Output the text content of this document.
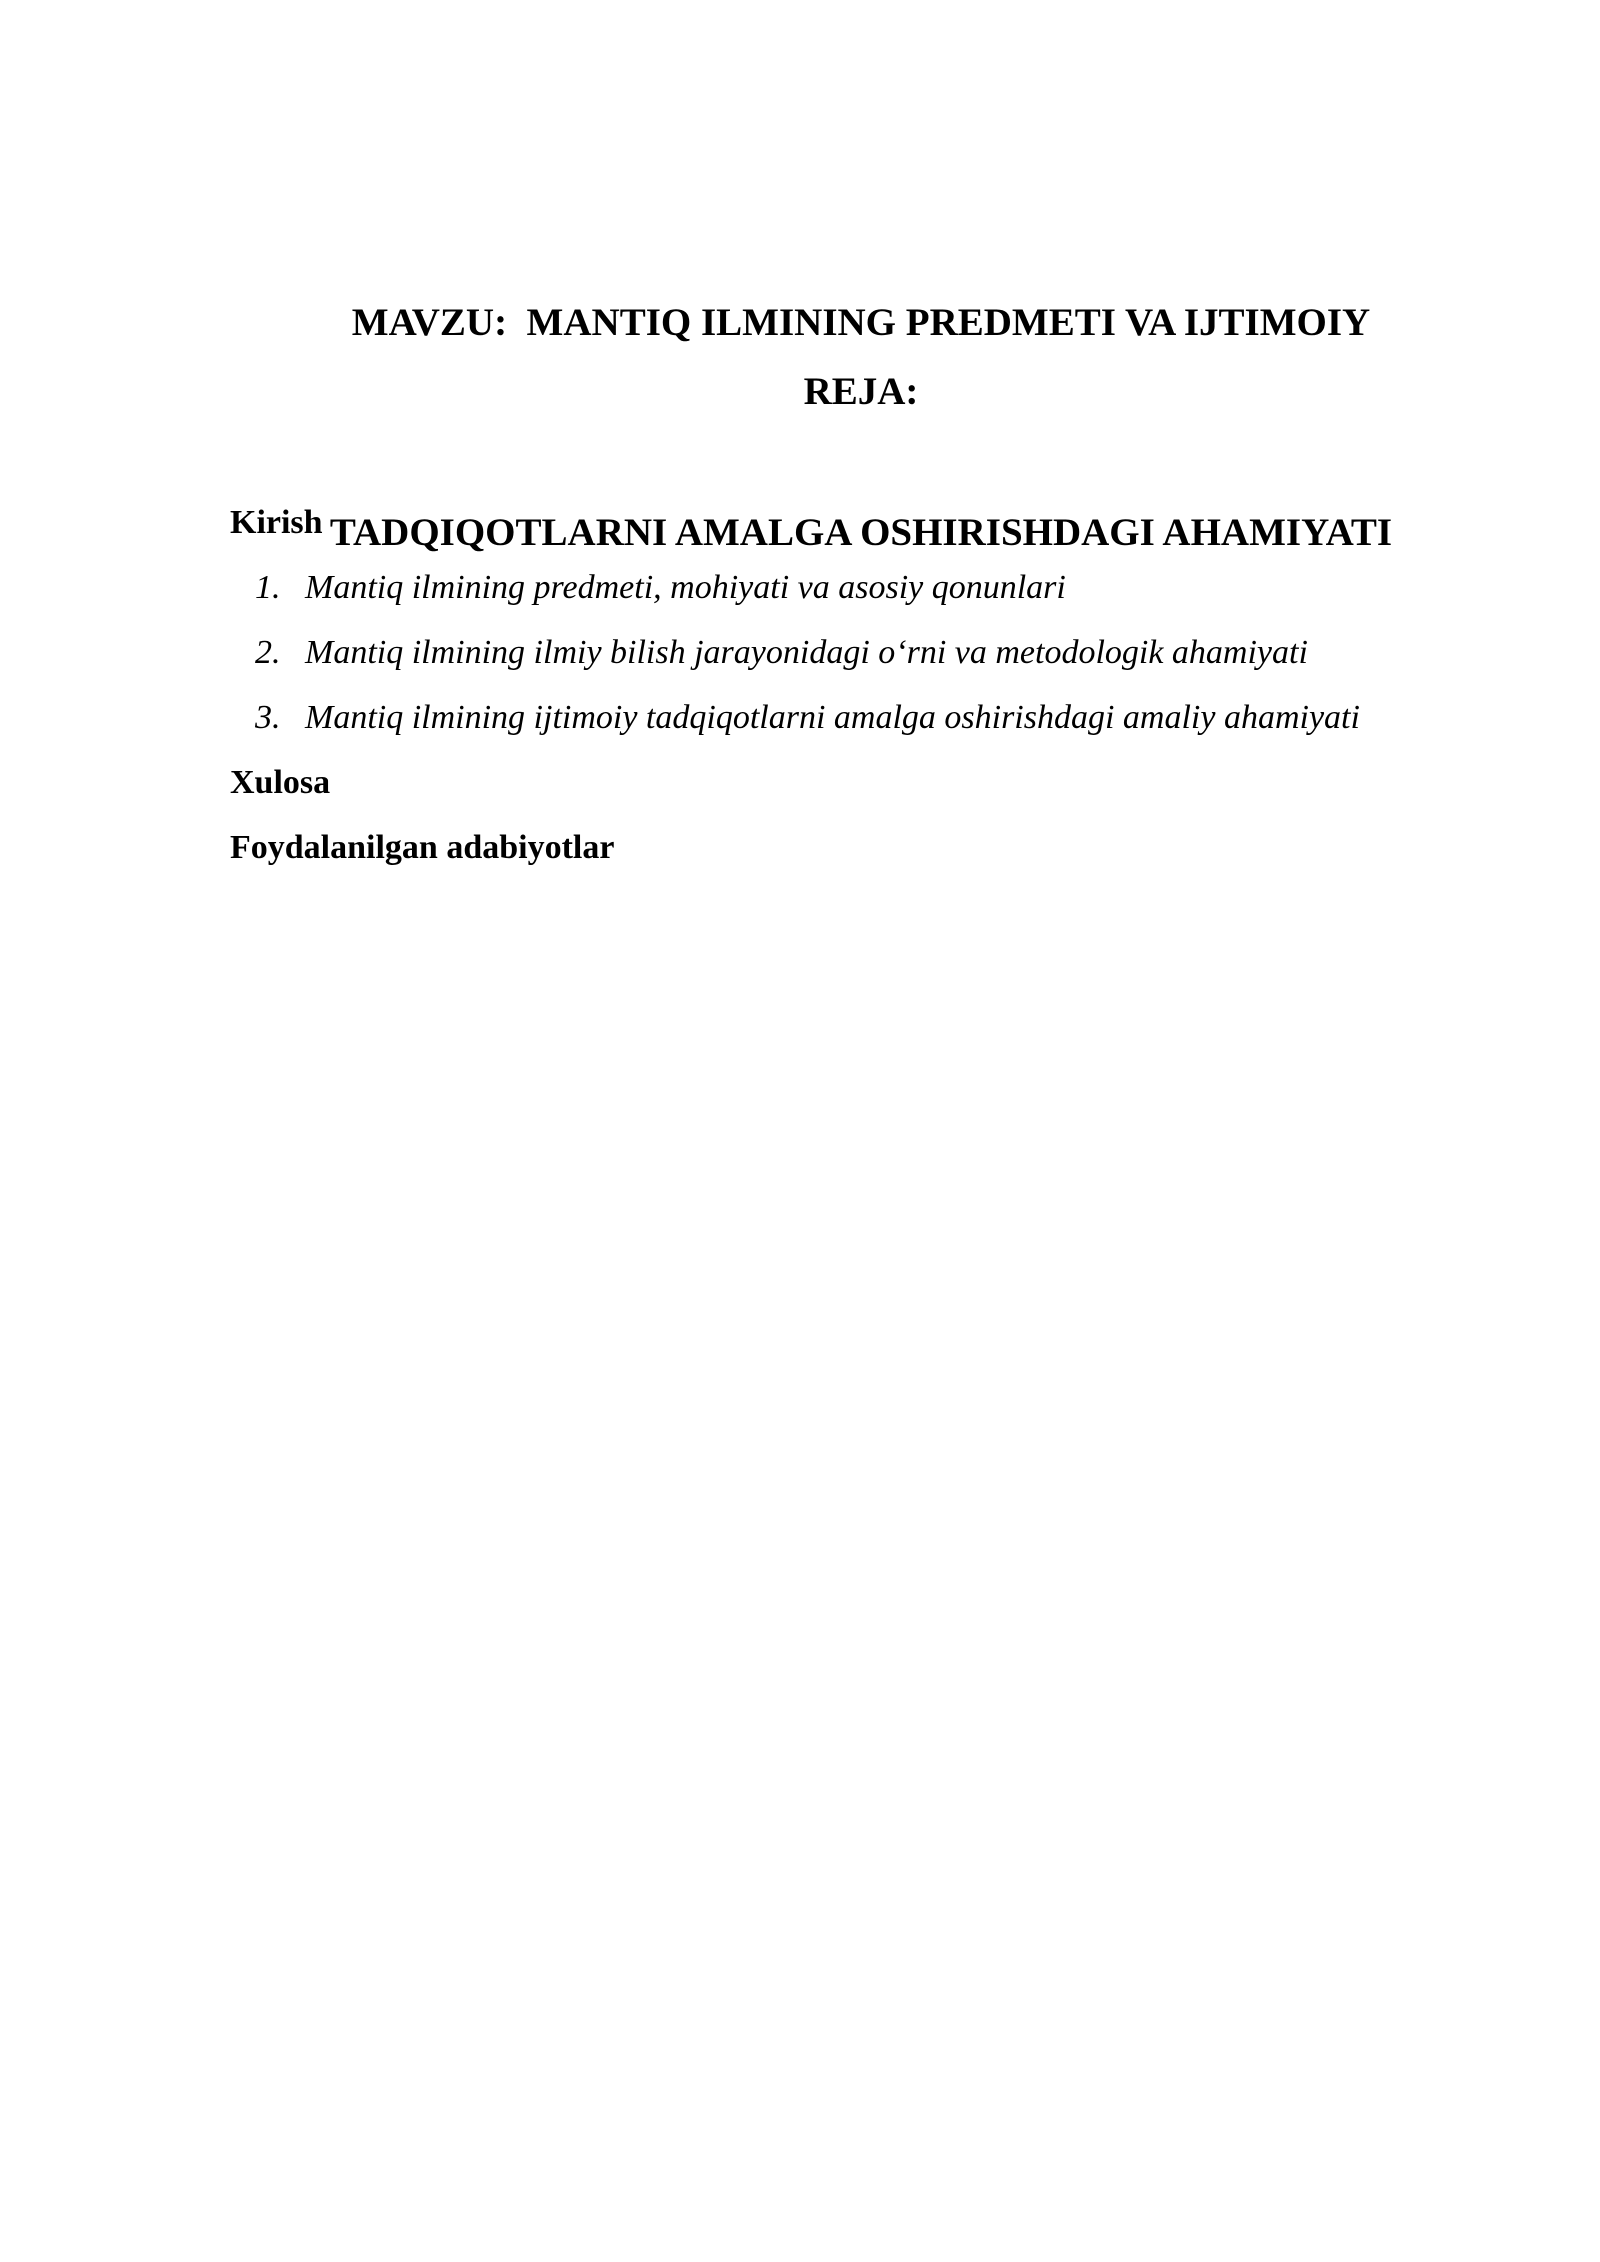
MAVZU:  MANTIQ ILMINING PREDMETI VA IJTIMOIY

TADQIQOTLARNI AMALGA OSHIRISHDAGI AHAMIYATI

REJA:
Kirish
1. Mantiq ilmining predmeti, mohiyati va asosiy qonunlari
2. Mantiq ilmining ilmiy bilish jarayonidagi o‘rni va metodologik ahamiyati
3. Mantiq ilmining ijtimoiy tadqiqotlarni amalga oshirishdagi amaliy ahamiyati
Xulosa
Foydalanilgan adabiyotlar
